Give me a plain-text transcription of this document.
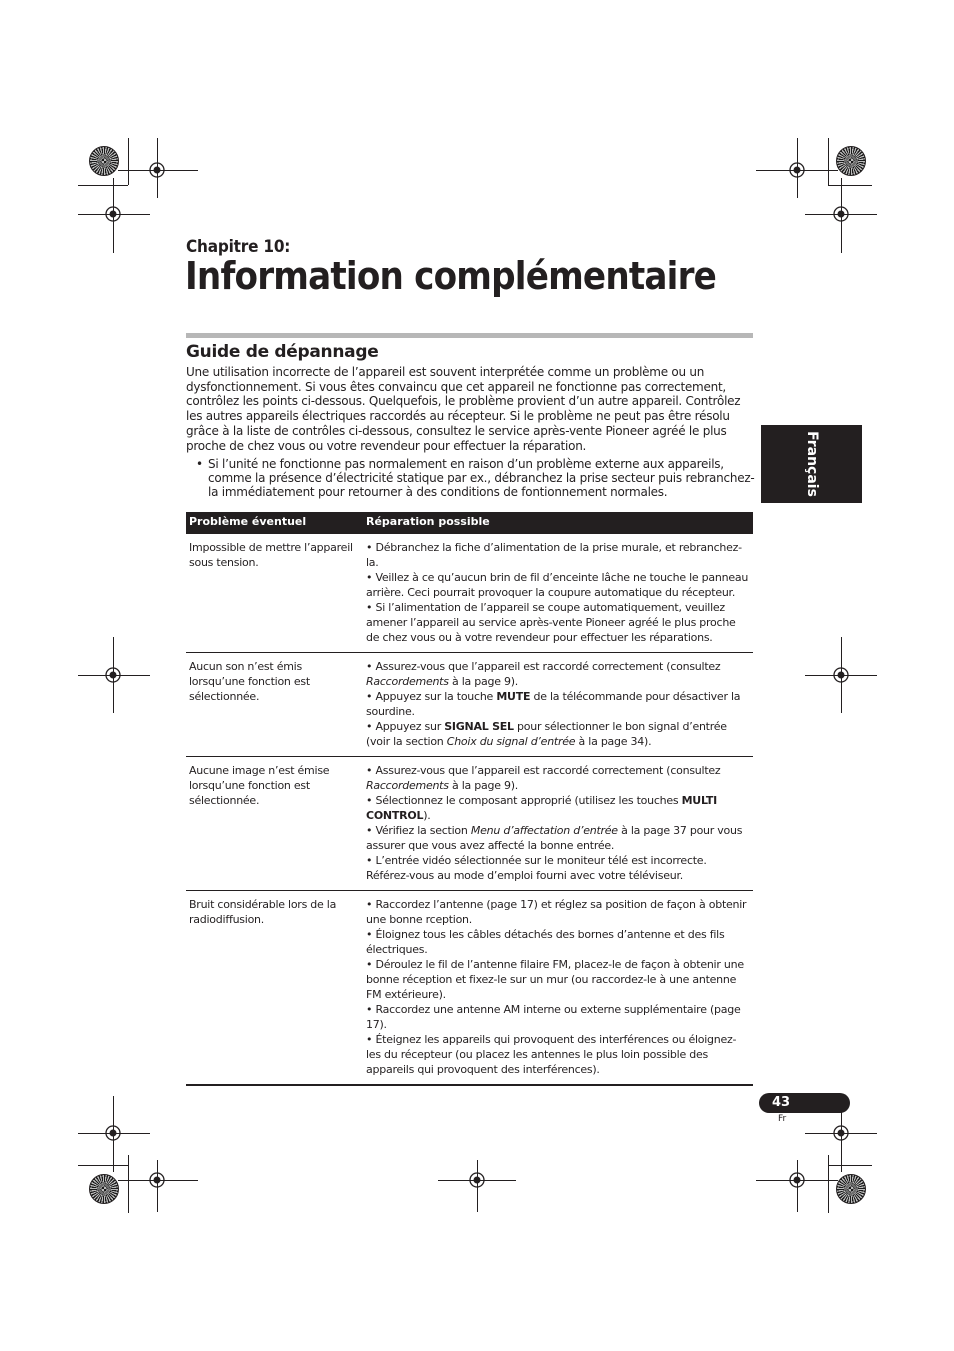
Chapitre 10:
Information complémentaire
Guide de dépannage
Une utilisation incorrecte de l’appareil est souvent interprétée comme un problème ou un dysfonctionnement. Si vous êtes convaincu que cet appareil ne fonctionne pas correctement, contrôlez les points ci-dessous. Quelquefois, le problème provient d’un autre appareil. Contrôlez les autres appareils électriques raccordés au récepteur. Si le problème ne peut pas être résolu grâce à la liste de contrôles ci-dessous, consultez le service après-vente Pioneer agréé le plus proche de chez vous ou votre revendeur pour effectuer la réparation.
• Si l’unité ne fonctionne pas normalement en raison d’un problème externe aux appareils, comme la présence d’électricité statique par ex., débranchez la prise secteur puis rebranchez-la immédiatement pour retourner à des conditions de fontionnement normales.	Français
Problème éventuel	Réparation possible
Impossible de mettre l’appareil sous tension.
• Débranchez la fiche d’alimentation de la prise murale, et rebranchez-la.
• Veillez à ce qu’aucun brin de fil d’enceinte lâche ne touche le panneau arrière. Ceci pourrait provoquer la coupure automatique du récepteur.
• Si l’alimentation de l’appareil se coupe automatiquement, veuillez amener l’appareil au service après-vente Pioneer agréé le plus proche de chez vous ou à votre revendeur pour effectuer les réparations.
Aucun son n’est émis lorsqu’une fonction est sélectionnée.
• Assurez-vous que l’appareil est raccordé correctement (consultez Raccordements à la page 9).
• Appuyez sur la touche MUTE de la télécommande pour désactiver la sourdine.
• Appuyez sur SIGNAL SEL pour sélectionner le bon signal d’entrée (voir la section Choix du signal d’entrée à la page 34).
Aucune image n’est émise lorsqu’une fonction est sélectionnée.
• Assurez-vous que l’appareil est raccordé correctement (consultez Raccordements à la page 9).
• Sélectionnez le composant approprié (utilisez les touches MULTI CONTROL).
• Vérifiez la section Menu d’affectation d’entrée à la page 37 pour vous assurer que vous avez affecté la bonne entrée.
• L’entrée vidéo sélectionnée sur le moniteur télé est incorrecte. Référez-vous au mode d’emploi fourni avec votre téléviseur.
Bruit considérable lors de la radiodiffusion.
• Raccordez l’antenne (page 17) et réglez sa position de façon à obtenir une bonne rception.
• Éloignez tous les câbles détachés des bornes d’antenne et des fils électriques.
• Déroulez le fil de l’antenne filaire FM, placez-le de façon à obtenir une bonne réception et fixez-le sur un mur (ou raccordez-le à une antenne FM extérieure).
• Raccordez une antenne AM interne ou externe supplémentaire (page 17).
• Éteignez les appareils qui provoquent des interférences ou éloignez-les du récepteur (ou placez les antennes le plus loin possible des appareils qui provoquent des interférences).
43
Fr
